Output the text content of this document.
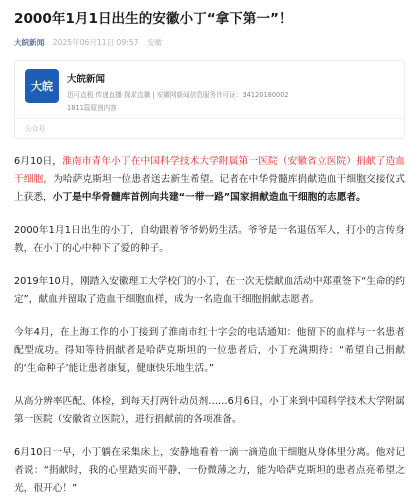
2000年1月1日出生的安徽小丁“拿下第一”！
大皖新闻 2025年06月11日 09:57 安徽
大皖
大皖新闻
迅可直租 传递直播 探求直播 | 安徽网新闻信息服务许可证：34120180002
1811篇原创内容
公众号

6月10日，淮南市青年小丁在中国科学技术大学附属第一医院（安徽省立医院）捐献了造血干细胞，为哈萨克斯坦一位患者送去新生希望。记者在中华骨髓库捐献造血干细胞交接仪式上获悉，小丁是中华骨髓库首例向共建“一带一路”国家捐献造血干细胞的志愿者。

2000年1月1日出生的小丁，自幼跟着爷爷奶奶生活。爷爷是一名退伍军人，打小的言传身教，在小丁的心中种下了爱的种子。

2019年10月，刚踏入安徽理工大学校门的小丁，在一次无偿献血活动中郑重签下“生命的约定”，献血并留取了造血干细胞血样，成为一名造血干细胞捐献志愿者。

今年4月，在上海工作的小丁接到了淮南市红十字会的电话通知：他留下的血样与一名患者配型成功。得知等待捐献者是哈萨克斯坦的一位患者后，小丁充满期待：“希望自己捐献的‘生命种子’能让患者康复，健康快乐地生活。”

从高分辨率匹配、体检，到每天打两针动员剂……6月6日，小丁来到中国科学技术大学附属第一医院（安徽省立医院），进行捐献前的各项准备。

6月10日一早，小丁躺在采集床上，安静地看着一滴一滴造血干细胞从身体里分离。他对记者说：“捐献时，我的心里踏实而平静，一份微薄之力，能为哈萨克斯坦的患者点亮希望之光，很开心！”
